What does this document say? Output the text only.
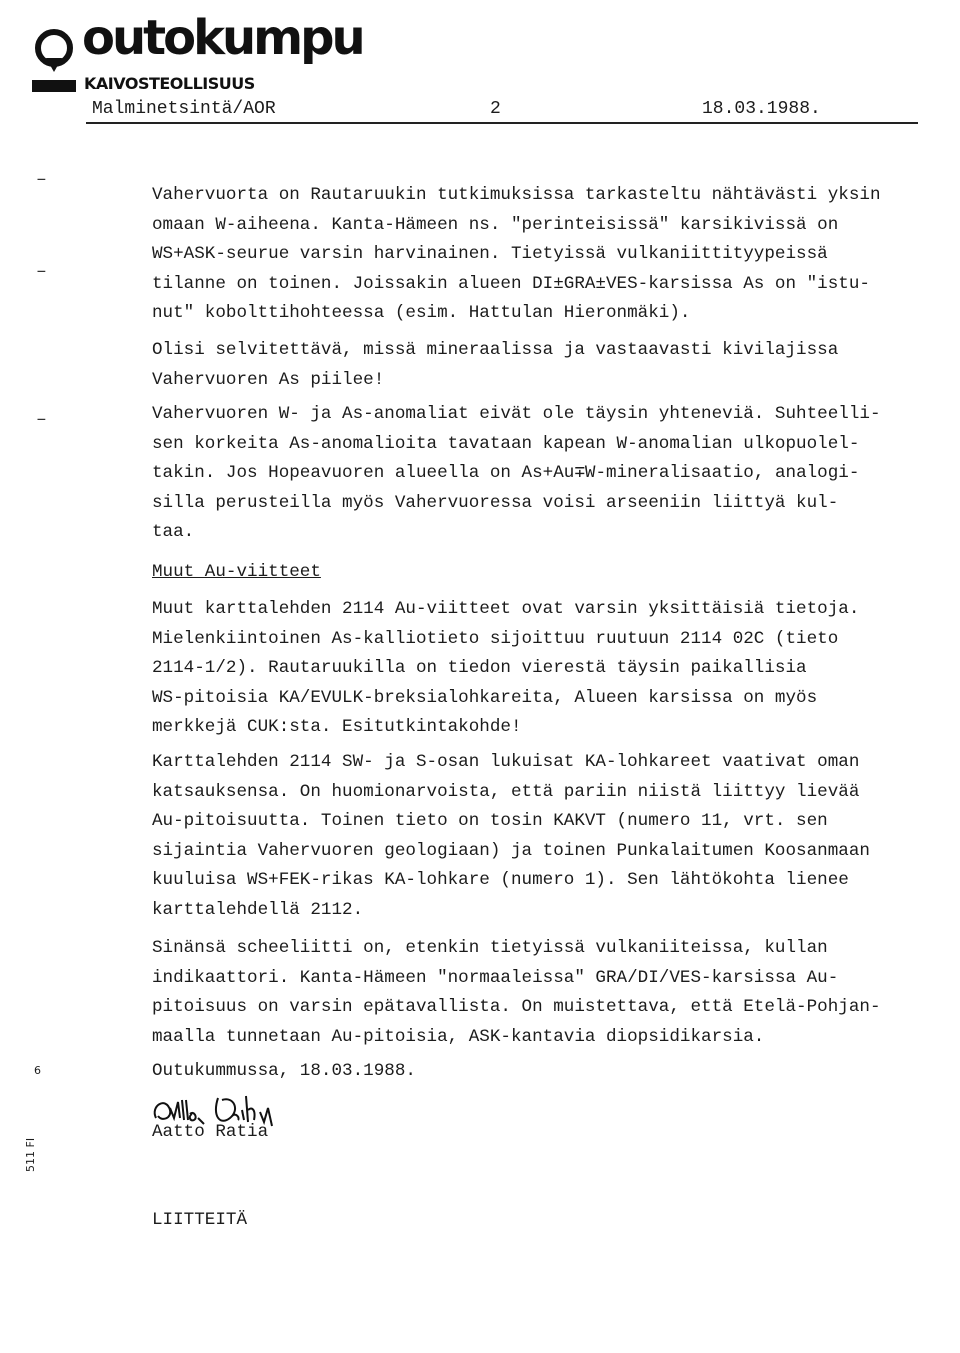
outokumpu
KAIVOSTEOLLISUUS
Malminetsintä/AOR	2	18.03.1988.
–
–
–
Vahervuorta on Rautaruukin tutkimuksissa tarkasteltu nähtävästi yksin
omaan W-aiheena. Kanta-Hämeen ns. "perinteisissä" karsikivissä on
WS+ASK-seurue varsin harvinainen. Tietyissä vulkaniittityypeissä
tilanne on toinen. Joissakin alueen DI±GRA±VES-karsissa As on "istu-
nut" kobolttihohteessa (esim. Hattulan Hieronmäki).
Olisi selvitettävä, missä mineraalissa ja vastaavasti kivilajissa
Vahervuoren As piilee!
Vahervuoren W- ja As-anomaliat eivät ole täysin yhteneviä. Suhteelli-
sen korkeita As-anomalioita tavataan kapean W-anomalian ulkopuolel-
takin. Jos Hopeavuoren alueella on As+Au∓W-mineralisaatio, analogi-
silla perusteilla myös Vahervuoressa voisi arseeniin liittyä kul-
taa.
Muut Au-viitteet
Muut karttalehden 2114 Au-viitteet ovat varsin yksittäisiä tietoja.
Mielenkiintoinen As-kalliotieto sijoittuu ruutuun 2114 02C (tieto
2114-1/2). Rautaruukilla on tiedon vierestä täysin paikallisia
WS-pitoisia KA/EVULK-breksialohkareita, Alueen karsissa on myös
merkkejä CUK:sta. Esitutkintakohde!
Karttalehden 2114 SW- ja S-osan lukuisat KA-lohkareet vaativat oman
katsauksensa. On huomionarvoista, että pariin niistä liittyy lievää
Au-pitoisuutta. Toinen tieto on tosin KAKVT (numero 11, vrt. sen
sijaintia Vahervuoren geologiaan) ja toinen Punkalaitumen Koosanmaan
kuuluisa WS+FEK-rikas KA-lohkare (numero 1). Sen lähtökohta lienee
karttalehdellä 2112.
Sinänsä scheeliitti on, etenkin tietyissä vulkaniiteissa, kullan
indikaattori. Kanta-Hämeen "normaaleissa" GRA/DI/VES-karsissa Au-
pitoisuus on varsin epätavallista. On muistettava, että Etelä-Pohjan-
maalla tunnetaan Au-pitoisia, ASK-kantavia diopsidikarsia.
Outukummussa, 18.03.1988.
Aatto Ratia
LIITTEITÄ
6
511 FI
